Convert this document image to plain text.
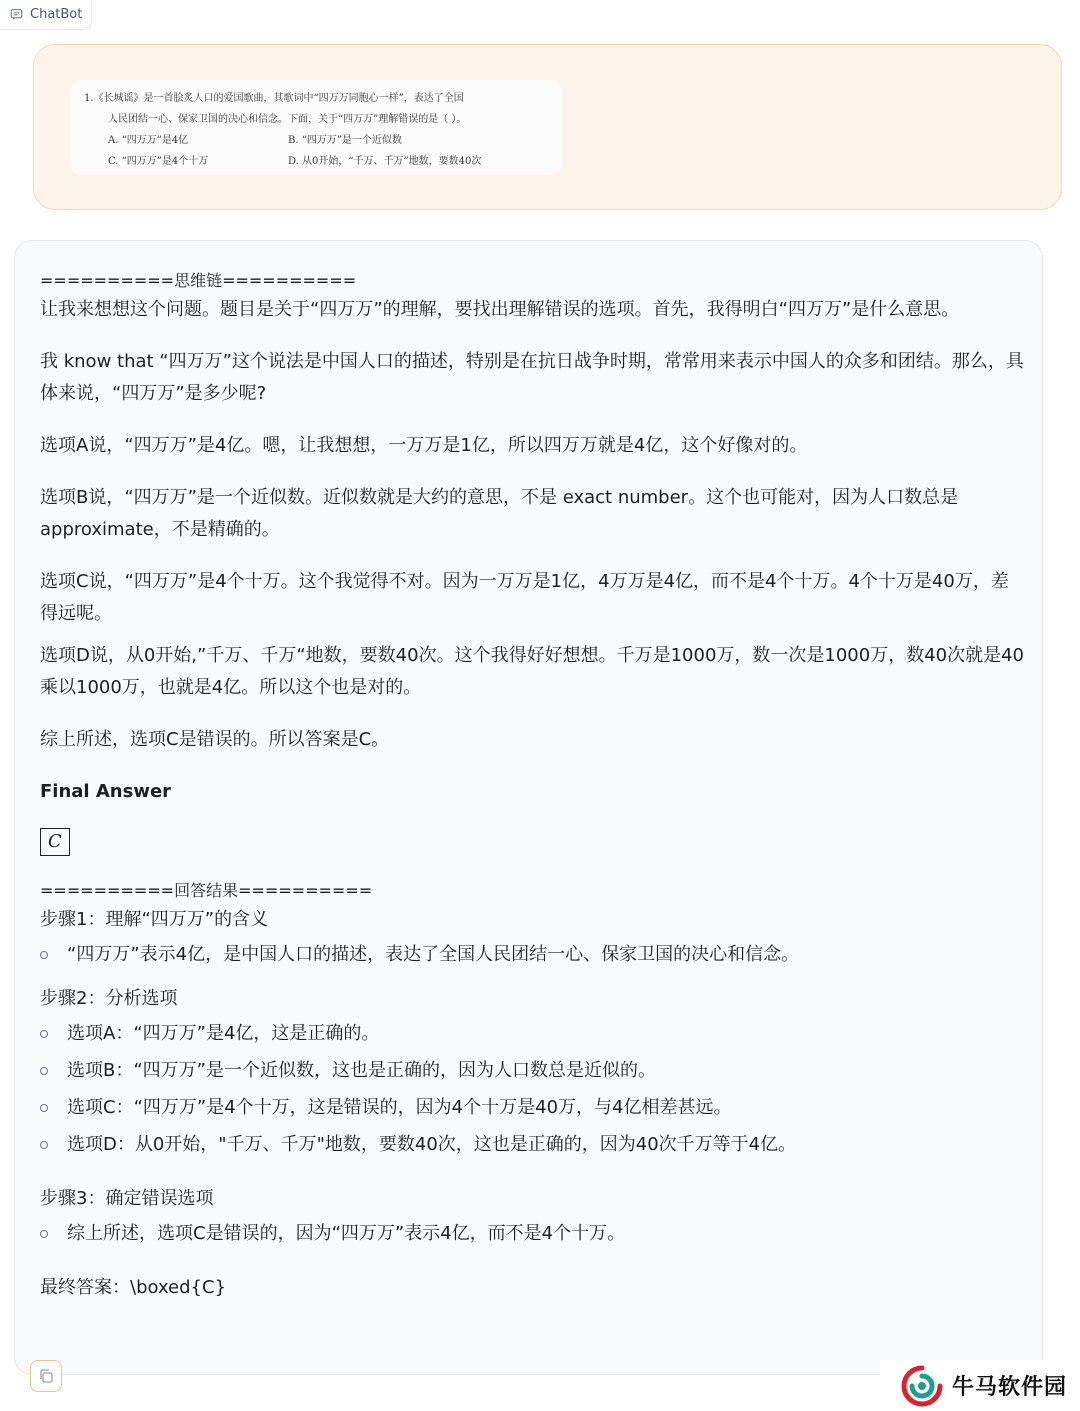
ChatBot
1.《长城谣》是一首脍炙人口的爱国歌曲，其歌词中“四万万同胞心一样”，表达了全国
人民团结一心、保家卫国的决心和信念。下面，关于“四万万”理解错误的是（ ）。
A. “四万万”是4亿	B. “四万万”是一个近似数
C. “四万万”是4个十万	D. 从0开始，“千万、千万”地数，要数40次

==========思维链==========

让我来想想这个问题。题目是关于“四万万”的理解，要找出理解错误的选项。首先，我得明白“四万万”是什么意思。

我 know that “四万万”这个说法是中国人口的描述，特别是在抗日战争时期，常常用来表示中国人的众多和团结。那么，具体来说，“四万万”是多少呢?

选项A说，“四万万”是4亿。嗯，让我想想，一万万是1亿，所以四万万就是4亿，这个好像对的。

选项B说，“四万万”是一个近似数。近似数就是大约的意思，不是 exact number。这个也可能对，因为人口数总是approximate，不是精确的。

选项C说，“四万万”是4个十万。这个我觉得不对。因为一万万是1亿，4万万是4亿，而不是4个十万。4个十万是40万，差得远呢。

选项D说，从0开始,”千万、千万“地数，要数40次。这个我得好好想想。千万是1000万，数一次是1000万，数40次就是40乘以1000万，也就是4亿。所以这个也是对的。

综上所述，选项C是错误的。所以答案是C。

Final Answer

C

==========回答结果==========

步骤1：理解“四万万”的含义

“四万万”表示4亿，是中国人口的描述，表达了全国人民团结一心、保家卫国的决心和信念。

步骤2：分析选项

选项A：“四万万”是4亿，这是正确的。
选项B：“四万万”是一个近似数，这也是正确的，因为人口数总是近似的。
选项C：“四万万”是4个十万，这是错误的，因为4个十万是40万，与4亿相差甚远。
选项D：从0开始，"千万、千万"地数，要数40次，这也是正确的，因为40次千万等于4亿。

步骤3：确定错误选项

综上所述，选项C是错误的，因为“四万万”表示4亿，而不是4个十万。

最终答案：\boxed{C}

牛马软件园
